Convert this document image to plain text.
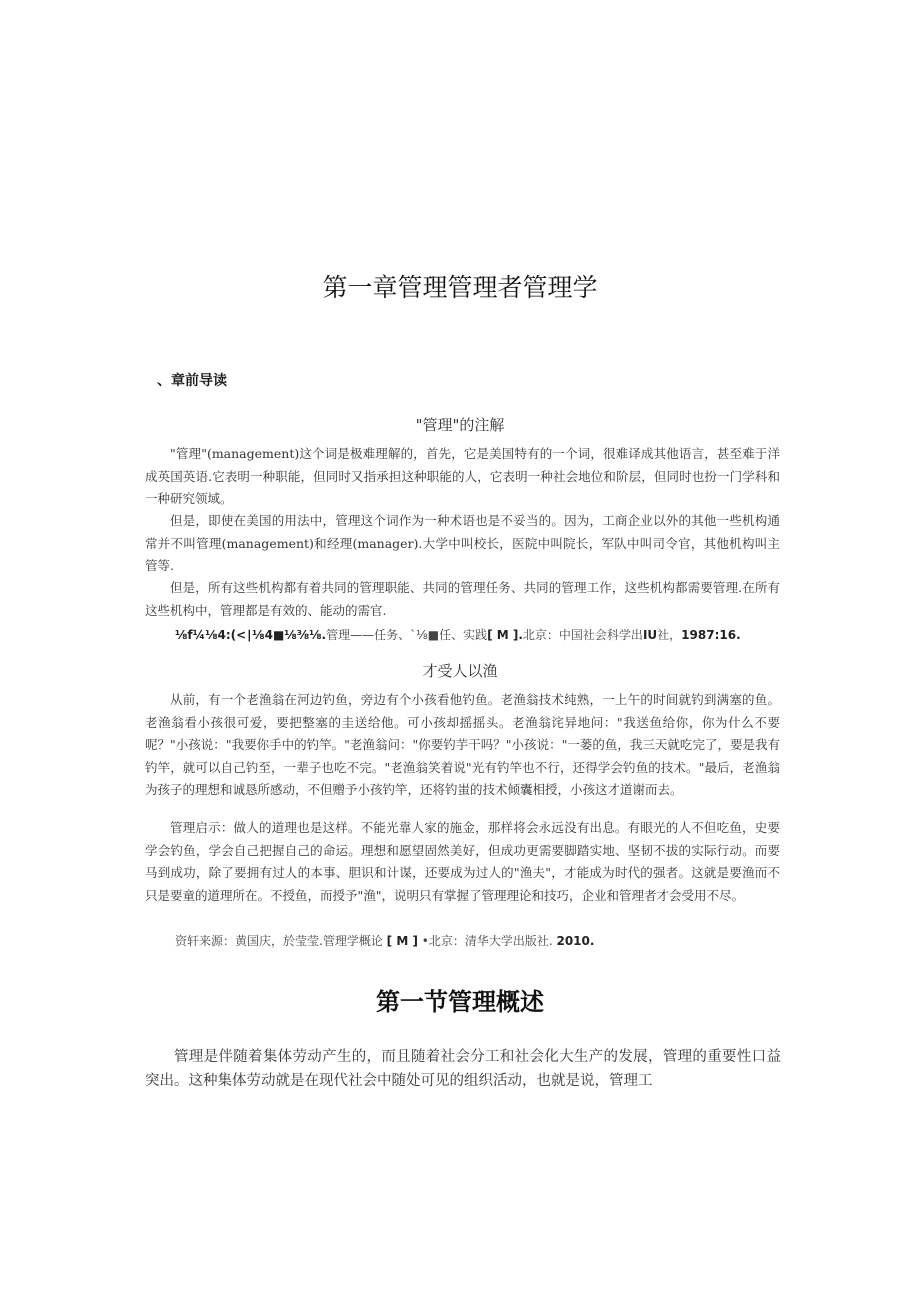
第一章管理管理者管理学
、章前导读
"管理"的注解

"管理"(management)这个词是极难理解的，首先，它是美国特有的一个词，很难译成其他语言，甚至难于洋成英国英语.它表明一种职能，但同时又指承担这种职能的人，它表明一种社会地位和阶层，但同时也扮一门学科和一种研究领域。

但是，即使在美国的用法中，管理这个词作为一种术语也是不妥当的。因为，工商企业以外的其他一些机构通常并不叫管理(management)和经理(manager).大学中叫校长，医院中叫院长，军队中叫司令官，其他机构叫主管等.

但是，所有这些机构都有着共同的管理职能、共同的管理任务、共同的管理工作，这些机构都需要管理.在所有这些机构中，管理都是有效的、能动的需官.

⅛f¼⅛4:(<∣⅛4■⅛⅜⅛.管理——任务、`⅛■任、实践[ M ].北京：中国社会科学出IU社，1987:16.
才受人以渔

从前，有一个老渔翁在河边钓鱼，旁边有个小孩看他钓鱼。老渔翁技术纯熟，一上午的时间就钓到满塞的鱼。老渔翁看小孩很可爱，要把整塞的圭送给他。可小孩却摇摇头。老渔翁诧异地问："我送鱼给你，你为什么不要呢？"小孩说："我要你手中的钓竿。"老渔翁问："你要钓芋干吗？"小孩说："一蒌的鱼，我三天就吃完了，要是我有钓竿，就可以自己钓至，一辈子也吃不完。"老渔翁笑着说"光有钓竿也不行，还得学会钓鱼的技术。"最后，老渔翁为孩子的理想和诚恳所感动，不但赠予小孩钓竿，还将钓蚩的技术倾囊相授，小孩这才道谢而去。

管理启示：做人的道理也是这样。不能光靠人家的施金，那样将会永远没有出息。有眼光的人不但吃鱼，史要学会钓鱼，学会自己把握自己的命运。理想和愿望固然美好，但成功更需要脚踏实地、坚韧不拔的实际行动。而要马到成功，除了要拥有过人的本事、胆识和计谋，还要成为过人的"渔夫"，才能成为时代的强者。这就是要渔而不只是要童的道理所在。不授鱼，而授予"渔"，说明只有掌握了管理理论和技巧，企业和管理者才会受用不尽。

资轩来源：黄国庆，於莹莹.管理学概论 [ M ] •北京：清华大学出版社. 2010.
第一节管理概述

管理是伴随着集体劳动产生的，而且随着社会分工和社会化大生产的发展，管理的重要性口益突出。这种集体劳动就是在现代社会中随处可见的组织活动，也就是说，管理工
